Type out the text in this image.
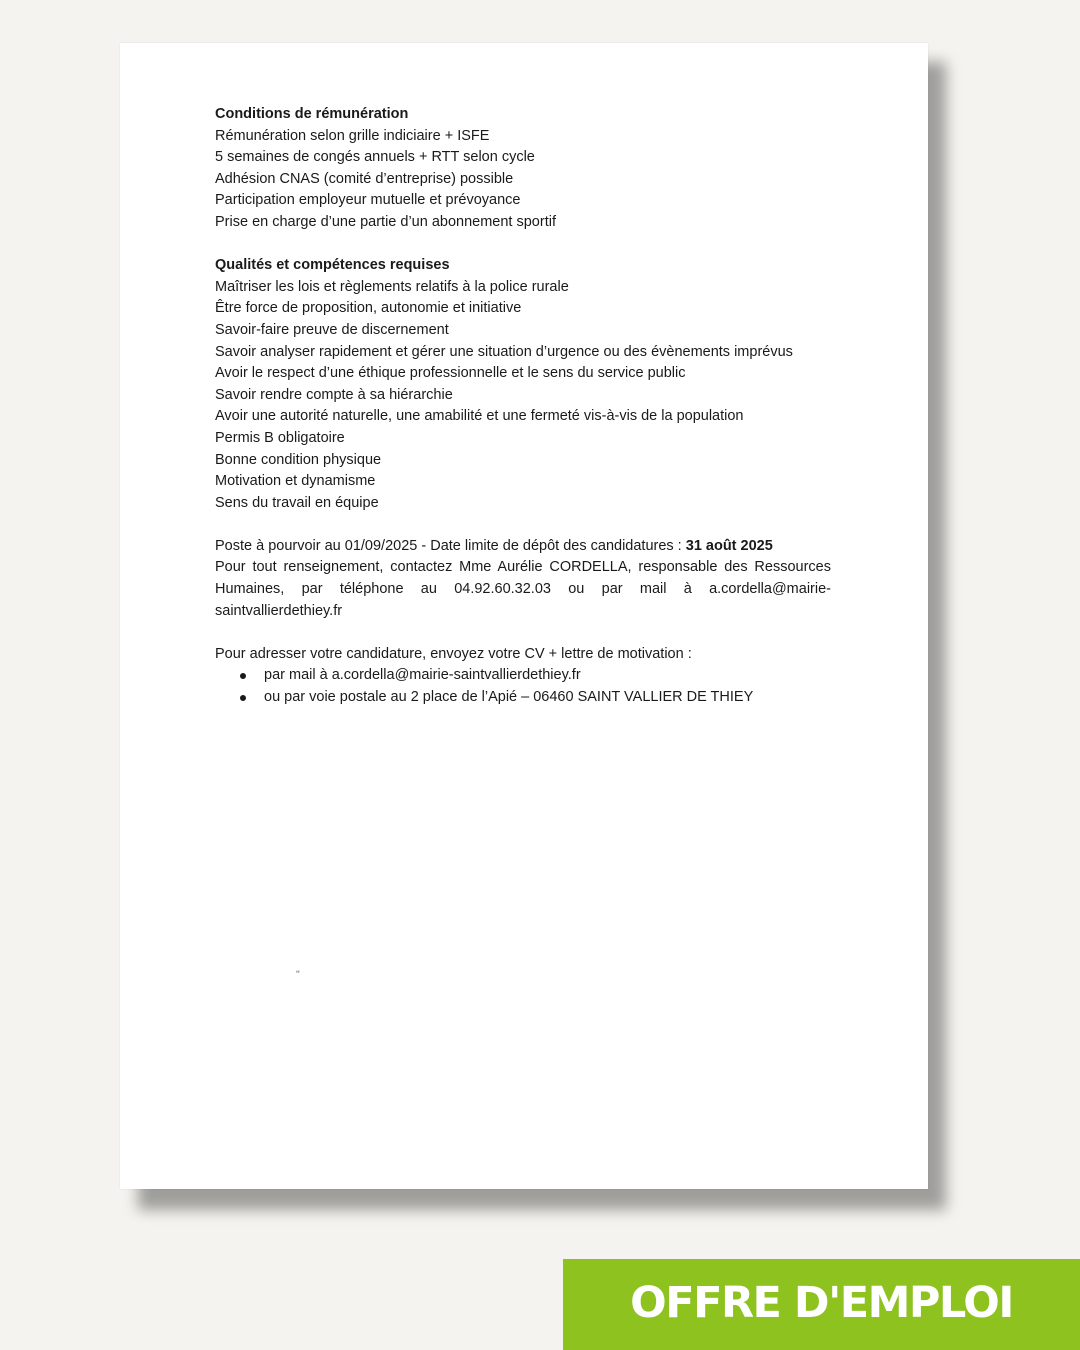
Conditions de rémunération

Rémunération selon grille indiciaire + ISFE

5 semaines de congés annuels + RTT selon cycle

Adhésion CNAS (comité d’entreprise) possible

Participation employeur mutuelle et prévoyance

Prise en charge d’une partie d’un abonnement sportif

Qualités et compétences requises

Maîtriser les lois et règlements relatifs à la police rurale

Être force de proposition, autonomie et initiative

Savoir-faire preuve de discernement

Savoir analyser rapidement et gérer une situation d’urgence ou des évènements imprévus

Avoir le respect d’une éthique professionnelle et le sens du service public

Savoir rendre compte à sa hiérarchie

Avoir une autorité naturelle, une amabilité et une fermeté vis-à-vis de la population

Permis B obligatoire

Bonne condition physique

Motivation et dynamisme

Sens du travail en équipe

Poste à pourvoir au 01/09/2025 - Date limite de dépôt des candidatures : 31 août 2025

Pour tout renseignement, contactez Mme Aurélie CORDELLA, responsable des Ressources Humaines, par téléphone au 04.92.60.32.03 ou par mail à a.cordella@mairie-saintvallierdethiey.fr

Pour adresser votre candidature, envoyez votre CV + lettre de motivation :

par mail à a.cordella@mairie-saintvallierdethiey.fr
ou par voie postale au 2 place de l’Apié – 06460 SAINT VALLIER DE THIEY
‘‘
OFFRE D'EMPLOI
